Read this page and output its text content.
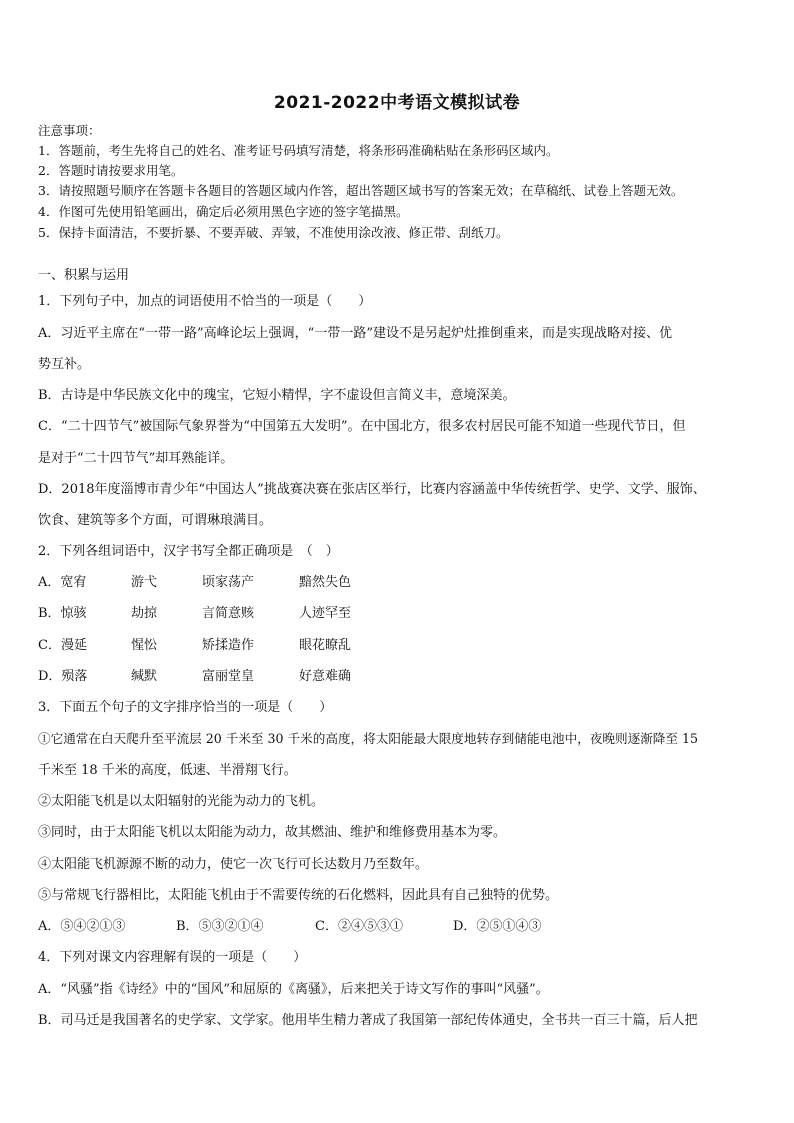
2021-2022中考语文模拟试卷
注意事项：
1．答题前，考生先将自己的姓名、准考证号码填写清楚，将条形码准确粘贴在条形码区域内。
2．答题时请按要求用笔。
3．请按照题号顺序在答题卡各题目的答题区域内作答，超出答题区域书写的答案无效；在草稿纸、试卷上答题无效。
4．作图可先使用铅笔画出，确定后必须用黑色字迹的签字笔描黑。
5．保持卡面清洁，不要折暴、不要弄破、弄皱，不准使用涂改液、修正带、刮纸刀。
一、积累与运用
1．下列句子中，加点的词语使用不恰当的一项是（　　）
A．习近平主席在“一带一路”高峰论坛上强调，“一带一路”建设不是另起炉灶推倒重来，而是实现战略对接、优
势互补。
B．古诗是中华民族文化中的瑰宝，它短小精悍，字不虚设但言简义丰，意境深美。
C．“二十四节气”被国际气象界誉为“中国第五大发明”。在中国北方，很多农村居民可能不知道一些现代节日，但
是对于“二十四节气”却耳熟能详。
D．2018年度淄博市青少年“中国达人”挑战赛决赛在张店区举行，比赛内容涵盖中华传统哲学、史学、文学、服饰、
饮食、建筑等多个方面，可谓琳琅满目。
2．下列各组词语中，汉字书写全都正确项是　（　）
A．宽宥	游弋	顷家荡产	黯然失色
B．惊骇	劫掠	言简意赅	人迹罕至
C．漫延	惺忪	矫揉造作	眼花瞭乱
D．殒落	缄默	富丽堂皇	好意难确
3．下面五个句子的文字排序恰当的一项是（　　）
①它通常在白天爬升至平流层 20 千米至 30 千米的高度，将太阳能最大限度地转存到储能电池中，夜晚则逐渐降至 15
千米至 18 千米的高度，低速、半滑翔飞行。
②太阳能飞机是以太阳辐射的光能为动力的飞机。
③同时，由于太阳能飞机以太阳能为动力，故其燃油、维护和维修费用基本为零。
④太阳能飞机源源不断的动力，使它一次飞行可长达数月乃至数年。
⑤与常规飞行器相比，太阳能飞机由于不需要传统的石化燃料，因此具有自己独特的优势。
A．⑤④②①③	B．⑤③②①④	C．②④⑤③①	D．②⑤①④③
4．下列对课文内容理解有误的一项是（　　）
A．“风骚”指《诗经》中的“国风”和屈原的《离骚》，后来把关于诗文写作的事叫“风骚”。
B．司马迁是我国著名的史学家、文学家。他用毕生精力著成了我国第一部纪传体通史，全书共一百三十篇，后人把
